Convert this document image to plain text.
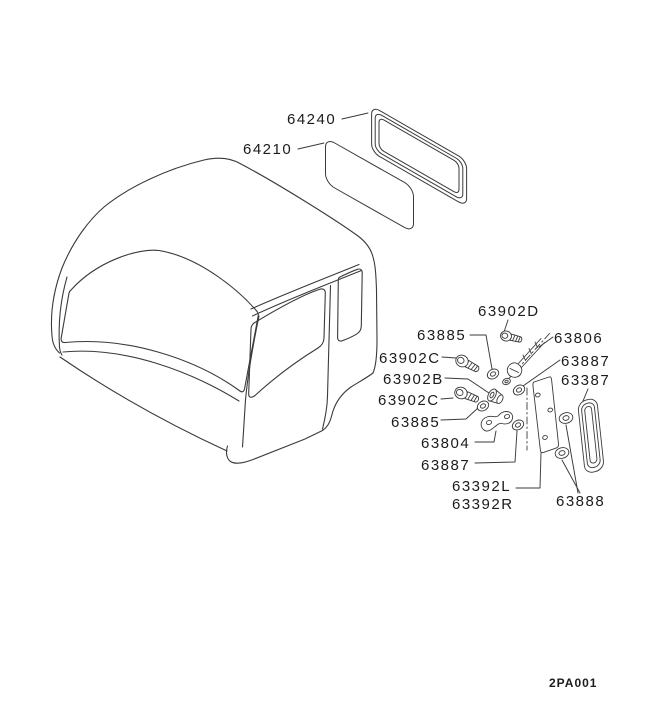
64240
64210
63902D
63885	63806
63902C	63887
63387
63902B
63902C
63885
63804
63887
63392L
63392R	63888
2PA001
